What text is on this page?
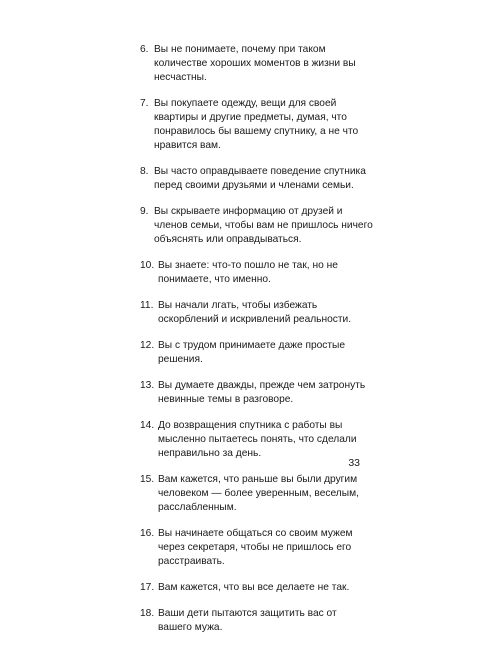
6. Вы не понимаете, почему при таком количестве хороших моментов в жизни вы несчастны.
7. Вы покупаете одежду, вещи для своей квартиры и другие предметы, думая, что понравилось бы вашему спутнику, а не что нравится вам.
8. Вы часто оправдываете поведение спутника перед своими друзьями и членами семьи.
9. Вы скрываете информацию от друзей и членов семьи, чтобы вам не пришлось ничего объяснять или оправдываться.
10. Вы знаете: что-то пошло не так, но не понимаете, что именно.
11. Вы начали лгать, чтобы избежать оскорблений и искривлений реальности.
12. Вы с трудом принимаете даже простые решения.
13. Вы думаете дважды, прежде чем затронуть невинные темы в разговоре.
14. До возвращения спутника с работы вы мысленно пытаетесь понять, что сделали неправильно за день.
15. Вам кажется, что раньше вы были другим человеком — более уверенным, веселым, расслабленным.
16. Вы начинаете общаться со своим мужем через секретаря, чтобы не пришлось его расстраивать.
17. Вам кажется, что вы все делаете не так.
18. Ваши дети пытаются защитить вас от вашего мужа.
33
